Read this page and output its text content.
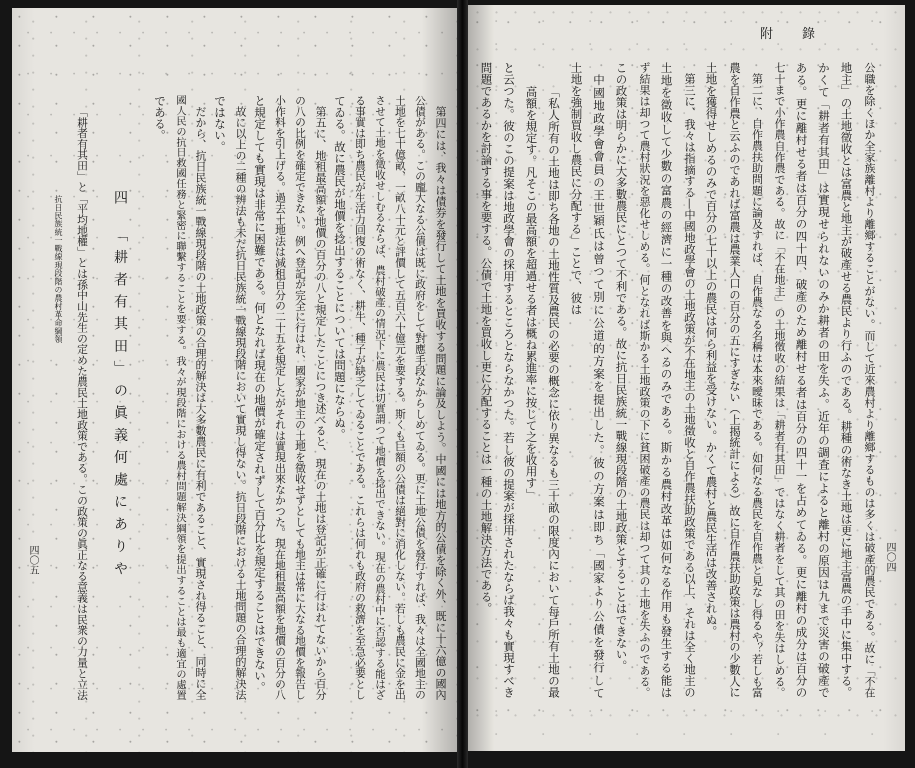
第四には、我々は債券を發行して土地を買收する問題に論及しよう。中國には地方的公債を除く外、既に十六億の國內
公債がある。この龐大なる公債は既に政府をして對應手段なからしめてゐる。更に土地公債を發行すれば、我々は全國地主の
土地を七十億畝、一畝八十元と評價して五百六十億元を要する。斯くも巨額の公債は絕對に消化しない。若しも農民に金を出
させて土地を徵收せしむるならば、農村破產の情況下に農民は切實謂つて地價を捻出できない。現在の農村中に否認する能はざ
る事實は即ち農民が生活力回復の術なく、耕牛、種子が缺乏してゐることである。これらは何れも政府の救濟を至急必要とし
てゐる。故に農民が地價を捻出することについては問題にならぬ。
第五に、地租最高額を地價の百分の八と規定したことにつき述べると、現在の土地は登記が正確に行はれてないから百分
の八の比例を確定できない。例へ登記が完全に行はれ、國家が地主の土地を徵收せずとしても地主は常に大なる地價を報告し
小作料を引上げる。過去土地法は減租百分の二十五を規定したがそれは實現出來なかつた。現在地租最高額を地價の百分の八
と規定しても實現は非常に困難である。何となれば現在の地價が確定されずして百分比を規定することはできない。
故に以上の二種の辨法も未だ抗日民族統一戰線現段階において實現し得ない。抗日段階における土地問題の合理的解決法
ではない。
だから、抗日民族統一戰線現段階の土地政策の合理的解決は大多數農民に有利であること、實現され得ること、同時に全
國人民の抗日救國任務と緊密に聯繫することを要する。我々が現段階における農村問題解決綱領を提出することは最も適宜の處置
である。
四　「耕者有其田」の眞義何處にありや
「耕者有其田」と「平均地權」とは孫中山先生の定めた農民土地政策である。この政策の眞正なる意義は民衆の力量と立法
抗日民族統一戰線現段階の農村革命綱領
四〇五
附　錄
四〇四
公職を除くほか全家族離村より離鄉することがない。而して近來農村より離鄉するものは多くは破產的農民である。故に「不在
地主」の土地徵收とは富農と地主が破產せる農民より行ふのである。耕種の術なき土地は更に地主富農の手中に集中する。
かくて「耕者有其田」は實現せられないのみか耕者の田を失ふ。近年の調査によると離村の原因は九まで災害の破產で
ある。更に離村せる者は百分の四十四、破產のため離村せる者は百分の四十一を占めてゐる。更に離村の成分は百分の
七十まで小作農自作農である。故に「不在地主」の土地徵收の結果は「耕者有其田」ではなく耕者をして其の田を失はしめる。
第二に、自作農扶助問題に論及すれば、自作農なる名稱は本來曖昧である。如何なる農民を自作農と見なし得るや？若しも富
農を自作農と云ふのであれば富農は農業人口の百分の五にすぎない（上揭統計による）故に自作農扶助政策は農村の少數人に
土地を獲得せしめるのみで百分の七十以上の農民は何ら利益を受けない。かくて農村と農民生活は改善されぬ。
第三に、我々は指摘する—中國地政學會の土地政策が不在地主の土地徵收と自作農扶助政策である以上、それは全く地主の
土地を徵收して少數の富農の經濟に一種の改善を與へるのみである。斯かる農村改革は如何なる作用も發生する能は
ず結果は却つて農村狀況を惡化せしめる。何となれば斯かる土地政策の下に貧困破產の農民は却つて其の土地を失ふのである。
この政策は明らかに大多數農民にとつて不利である。故に抗日民族統一戰線現段階の土地政策とすることはできない。
中國地政學會會員の王世穎氏は曾つて別に公道的方案を提出した。彼の方案は即ち「國家より公債を發行して
土地を強制買收し農民に分配する」ことで、彼は
「私人所有の土地は即ち各地の土地性質及農民の必要の概念に依り異なるも三十畝の限度內において每戶所有土地の最
高額を規定す。凡そこの最高額を超過せる者は概ね累進率に按じて之を收用す」
と云つた。彼のこの提案は地政學會の採用するところとならなかつた。若し彼の提案が採用されたならば我々も實現すべき
問題であるかを討論する事を要する。公債で土地を買收し更に分配することは一種の土地解決方法である。
